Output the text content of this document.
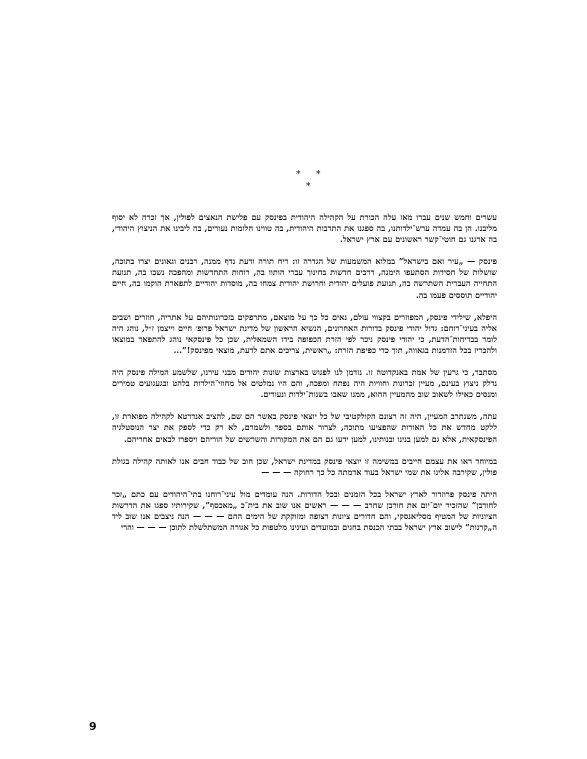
* *
*

עשרים וחמש שנים עברו מאז עלה הכורת על הקהילה היהודית בפינסק עם פלישת הנאצים לפולין, אך זכרה לא יסוף מליבנו. הן בה עמדה ערש־ילדותנו, בה ספגנו את התרבות היהודית, בה טווינו חלומות נעורים, בה ליבינו את הניצוץ היהודי, בה ארגנו גם חוטי־קשר ראשונים עם ארץ ישראל.

פינסק — „עיר ואם בישראל” במלוא המשמעות של הגדרה זו: ריח תורה ודעת נדף ממנה, רבנים וגאונים יצרו בתוכה, שושלות של חסידות הסתעפו הימנה, דרכים חדשות בחינוך עברי הותוו בה, רוחות התחדשות ומהפכה נשבו בה, תנועת התחייה העברית השתרשה בה, תנועת פועלים יהודית וחרושת יהודית צמחו בה, מוסדות יהודיים לתפארת הוקמו בה, חיים יהודיים תוססים פעמו בה.

היפלא, שילידי פינסק, המפוזרים בקצווי עולם, נאים כל כך על מוצאם, מתרפקים בזכרונותיהם על אתריה, חוזרים ושבים אליה בעיני־רוחם: גדול יהודי פינסק בדורות האחרונים, הנשיא הראשון של מדינת ישראל פרופ׳ חיים וייצמן ז״ל, נוהג היה לומר בבדיחות־הדעת, כי יהודי פינסק ניכר לפי הזרת הכפופה בידו השמאלית, שכן כל פינסקאי נוהג להתפאר במוצאו ולהכריז בכל הזדמנות בגאווה, תוך כדי כפיפת הזרת: „ראשית, צריכים אתם לדעת, מוצאי מפינסק!”...

מסתבר, כי גרעין של אמת באנקדוטה זו. נזדמן לנו לפגוש בארצות שונות יהודים מבני עירנו, שלשמע המילה פינסק היה נדלק ניצוץ בעינם, מעיין זכרונות וחוויות היה נפתח ומפכה, והם היו נמלטים אל מחוזי־הילדות בלהט ובגעגועים טמירים ומנסים כאילו לשאוב שוב מהמעיין ההוא, ממנו שאבו בשנות־ילדות ונעורים.

עתה, משנתרב המעיין, היה זה רצונם הקולקטיבי של כל יוצאי פינסק באשר הם שם, להציב אנדרטא לקהילה מפוארת זו, ללקט מחדש את כל האורות שהפציעו מתוכה, לצרור אותם בספר ולשמרם, לא רק כדי לספק את יצר הנוסטלגיה הפינסקאית, אלא גם למען בנינו ובנותינו, למען ידעו גם הם את המקורות והשרשים של הוריהם ויספרו לבאים אחריהם.

במיוחד ראו את עצמם חייבים במשימה זו יוצאי פינסק במדינת ישראל, שכן חוב של כבוד חבים אנו לאותה קהילה בגולת פולין, שקירבה אלינו את שמי ישראל בעוד אדמתה כל כך רחוקה — — —

היתה פינסק פרוזדור לארץ ישראל בכל הזמנים ובכל הדורות. הנה עומדים מול עיני־רוחנו בתי־היהודים עם כתם „זכר לחורבן” שהזכיר יום־יום את חורבן שחרב — — — ראשים אנו שוב את בית־כ „מאכסף”, שקירותיו ספגו את הדרשות הציוניות של המטיף מסליאנסקי, והם חדורים ציונות רצופה ומזוקקת של הימים ההם — — — הנה ניצבים אנו שוב ליד ה„קרנות” לישוב ארץ ישראל בבתי הכנסת בחגים ובמועדים ועינינו מלטפות כל אגורה המשתלשלת לתוכן — — — והרי

9
